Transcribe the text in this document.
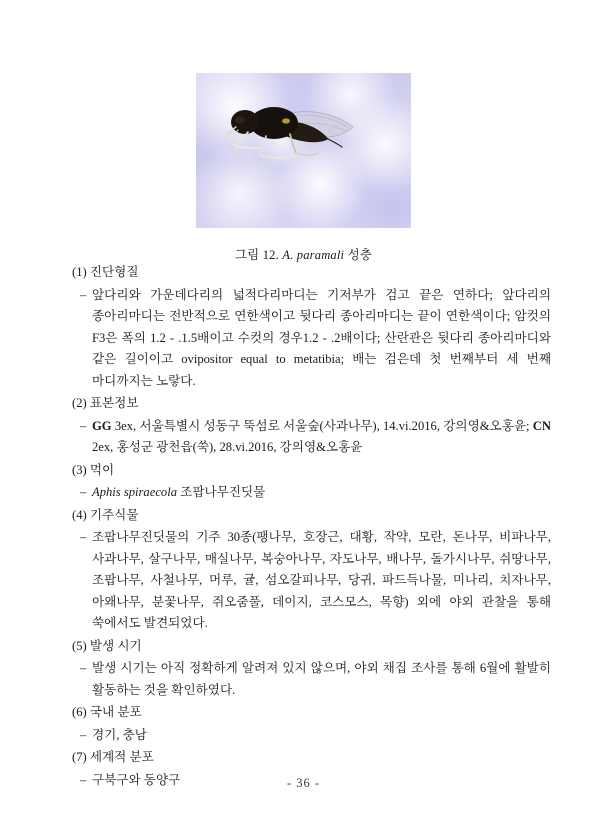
그림 12. A. paramali 성충

(1) 진단형질

– 앞다리와 가운데다리의 넓적다리마디는 기저부가 검고 끝은 연하다; 앞다리의 종아리마디는 전반적으로 연한색이고 뒷다리 종아리마디는 끝이 연한색이다; 암컷의 F3은 폭의 1.2 - .1.5배이고 수컷의 경우1.2 - .2배이다; 산란관은 뒷다리 종아리마디와 같은 길이이고 ovipositor equal to metatibia; 배는 검은데 첫 번째부터 세 번째 마디까지는 노랗다.

(2) 표본정보

– GG 3ex, 서울특별시 성동구 뚝섬로 서울숲(사과나무), 14.vi.2016, 강의영&오홍윤; CN 2ex, 홍성군 광천읍(쑥), 28.vi.2016, 강의영&오홍윤

(3) 먹이

– Aphis spiraecola 조팝나무진딧물

(4) 기주식물

– 조팝나무진딧물의 기주 30종(팽나무, 호장근, 대황, 작약, 모란, 돈나무, 비파나무, 사과나무, 살구나무, 매실나무, 복숭아나무, 자도나무, 배나무, 돌가시나무, 쉬땅나무, 조팝나무, 사철나무, 머루, 귤, 섬오갈피나무, 당귀, 파드득나물, 미나리, 치자나무, 아왜나무, 분꽃나무, 쥐오줌풀, 데이지, 코스모스, 목향) 외에 야외 관찰을 통해 쑥에서도 발견되었다.

(5) 발생 시기

– 발생 시기는 아직 정확하게 알려져 있지 않으며, 야외 채집 조사를 통해 6월에 활발히 활동하는 것을 확인하였다.

(6) 국내 분포

– 경기, 충남

(7) 세계적 분포

– 구북구와 동양구	- 36 -
